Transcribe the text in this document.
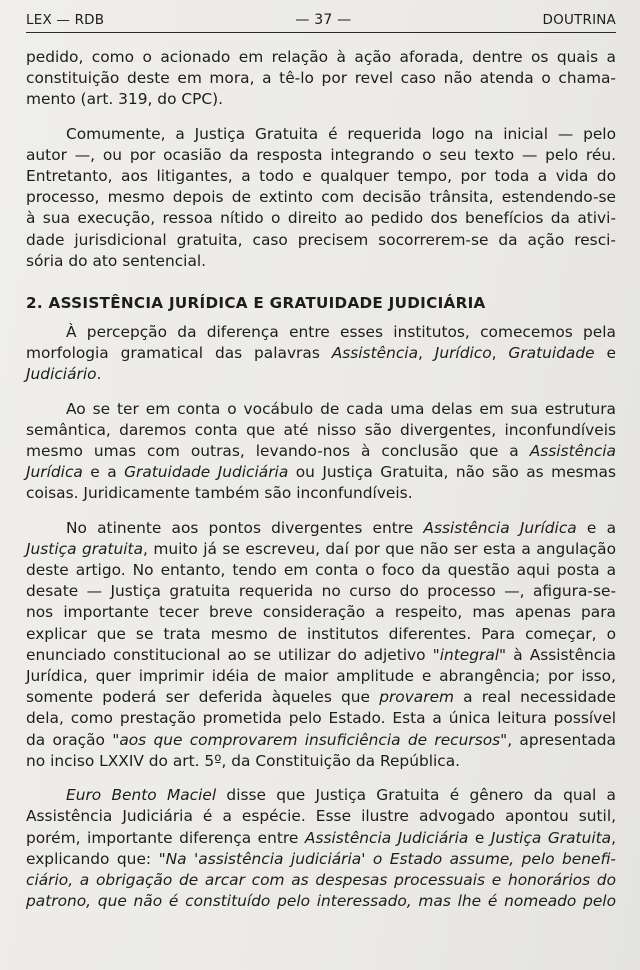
LEX — RDB	— 37 —	DOUTRINA

pedido, como o acionado em relação à ação aforada, dentre os quais a
constituição deste em mora, a tê-lo por revel caso não atenda o chama-
mento (art. 319, do CPC).

Comumente, a Justiça Gratuita é requerida logo na inicial — pelo
autor —, ou por ocasião da resposta integrando o seu texto — pelo réu.
Entretanto, aos litigantes, a todo e qualquer tempo, por toda a vida do
processo, mesmo depois de extinto com decisão trânsita, estendendo-se
à sua execução, ressoa nítido o direito ao pedido dos benefícios da ativi-
dade jurisdicional gratuita, caso precisem socorrerem-se da ação resci-
sória do ato sentencial.

2. ASSISTÊNCIA JURÍDICA E GRATUIDADE JUDICIÁRIA

À percepção da diferença entre esses institutos, comecemos pela
morfologia gramatical das palavras Assistência, Jurídico, Gratuidade e
Judiciário.

Ao se ter em conta o vocábulo de cada uma delas em sua estrutura
semântica, daremos conta que até nisso são divergentes, inconfundíveis
mesmo umas com outras, levando-nos à conclusão que a Assistência
Jurídica e a Gratuidade Judiciária ou Justiça Gratuita, não são as mesmas
coisas. Juridicamente também são inconfundíveis.

No atinente aos pontos divergentes entre Assistência Jurídica e a
Justiça gratuita, muito já se escreveu, daí por que não ser esta a angulação
deste artigo. No entanto, tendo em conta o foco da questão aqui posta a
desate — Justiça gratuita requerida no curso do processo —, afigura-se-
nos importante tecer breve consideração a respeito, mas apenas para
explicar que se trata mesmo de institutos diferentes. Para começar, o
enunciado constitucional ao se utilizar do adjetivo "integral" à Assistência
Jurídica, quer imprimir idéia de maior amplitude e abrangência; por isso,
somente poderá ser deferida àqueles que provarem a real necessidade
dela, como prestação prometida pelo Estado. Esta a única leitura possível
da oração "aos que comprovarem insuficiência de recursos", apresentada
no inciso LXXIV do art. 5º, da Constituição da República.

Euro Bento Maciel disse que Justiça Gratuita é gênero da qual a
Assistência Judiciária é a espécie. Esse ilustre advogado apontou sutil,
porém, importante diferença entre Assistência Judiciária e Justiça Gratuita,
explicando que: "Na 'assistência judiciária' o Estado assume, pelo benefi-
ciário, a obrigação de arcar com as despesas processuais e honorários do
patrono, que não é constituído pelo interessado, mas lhe é nomeado pelo
